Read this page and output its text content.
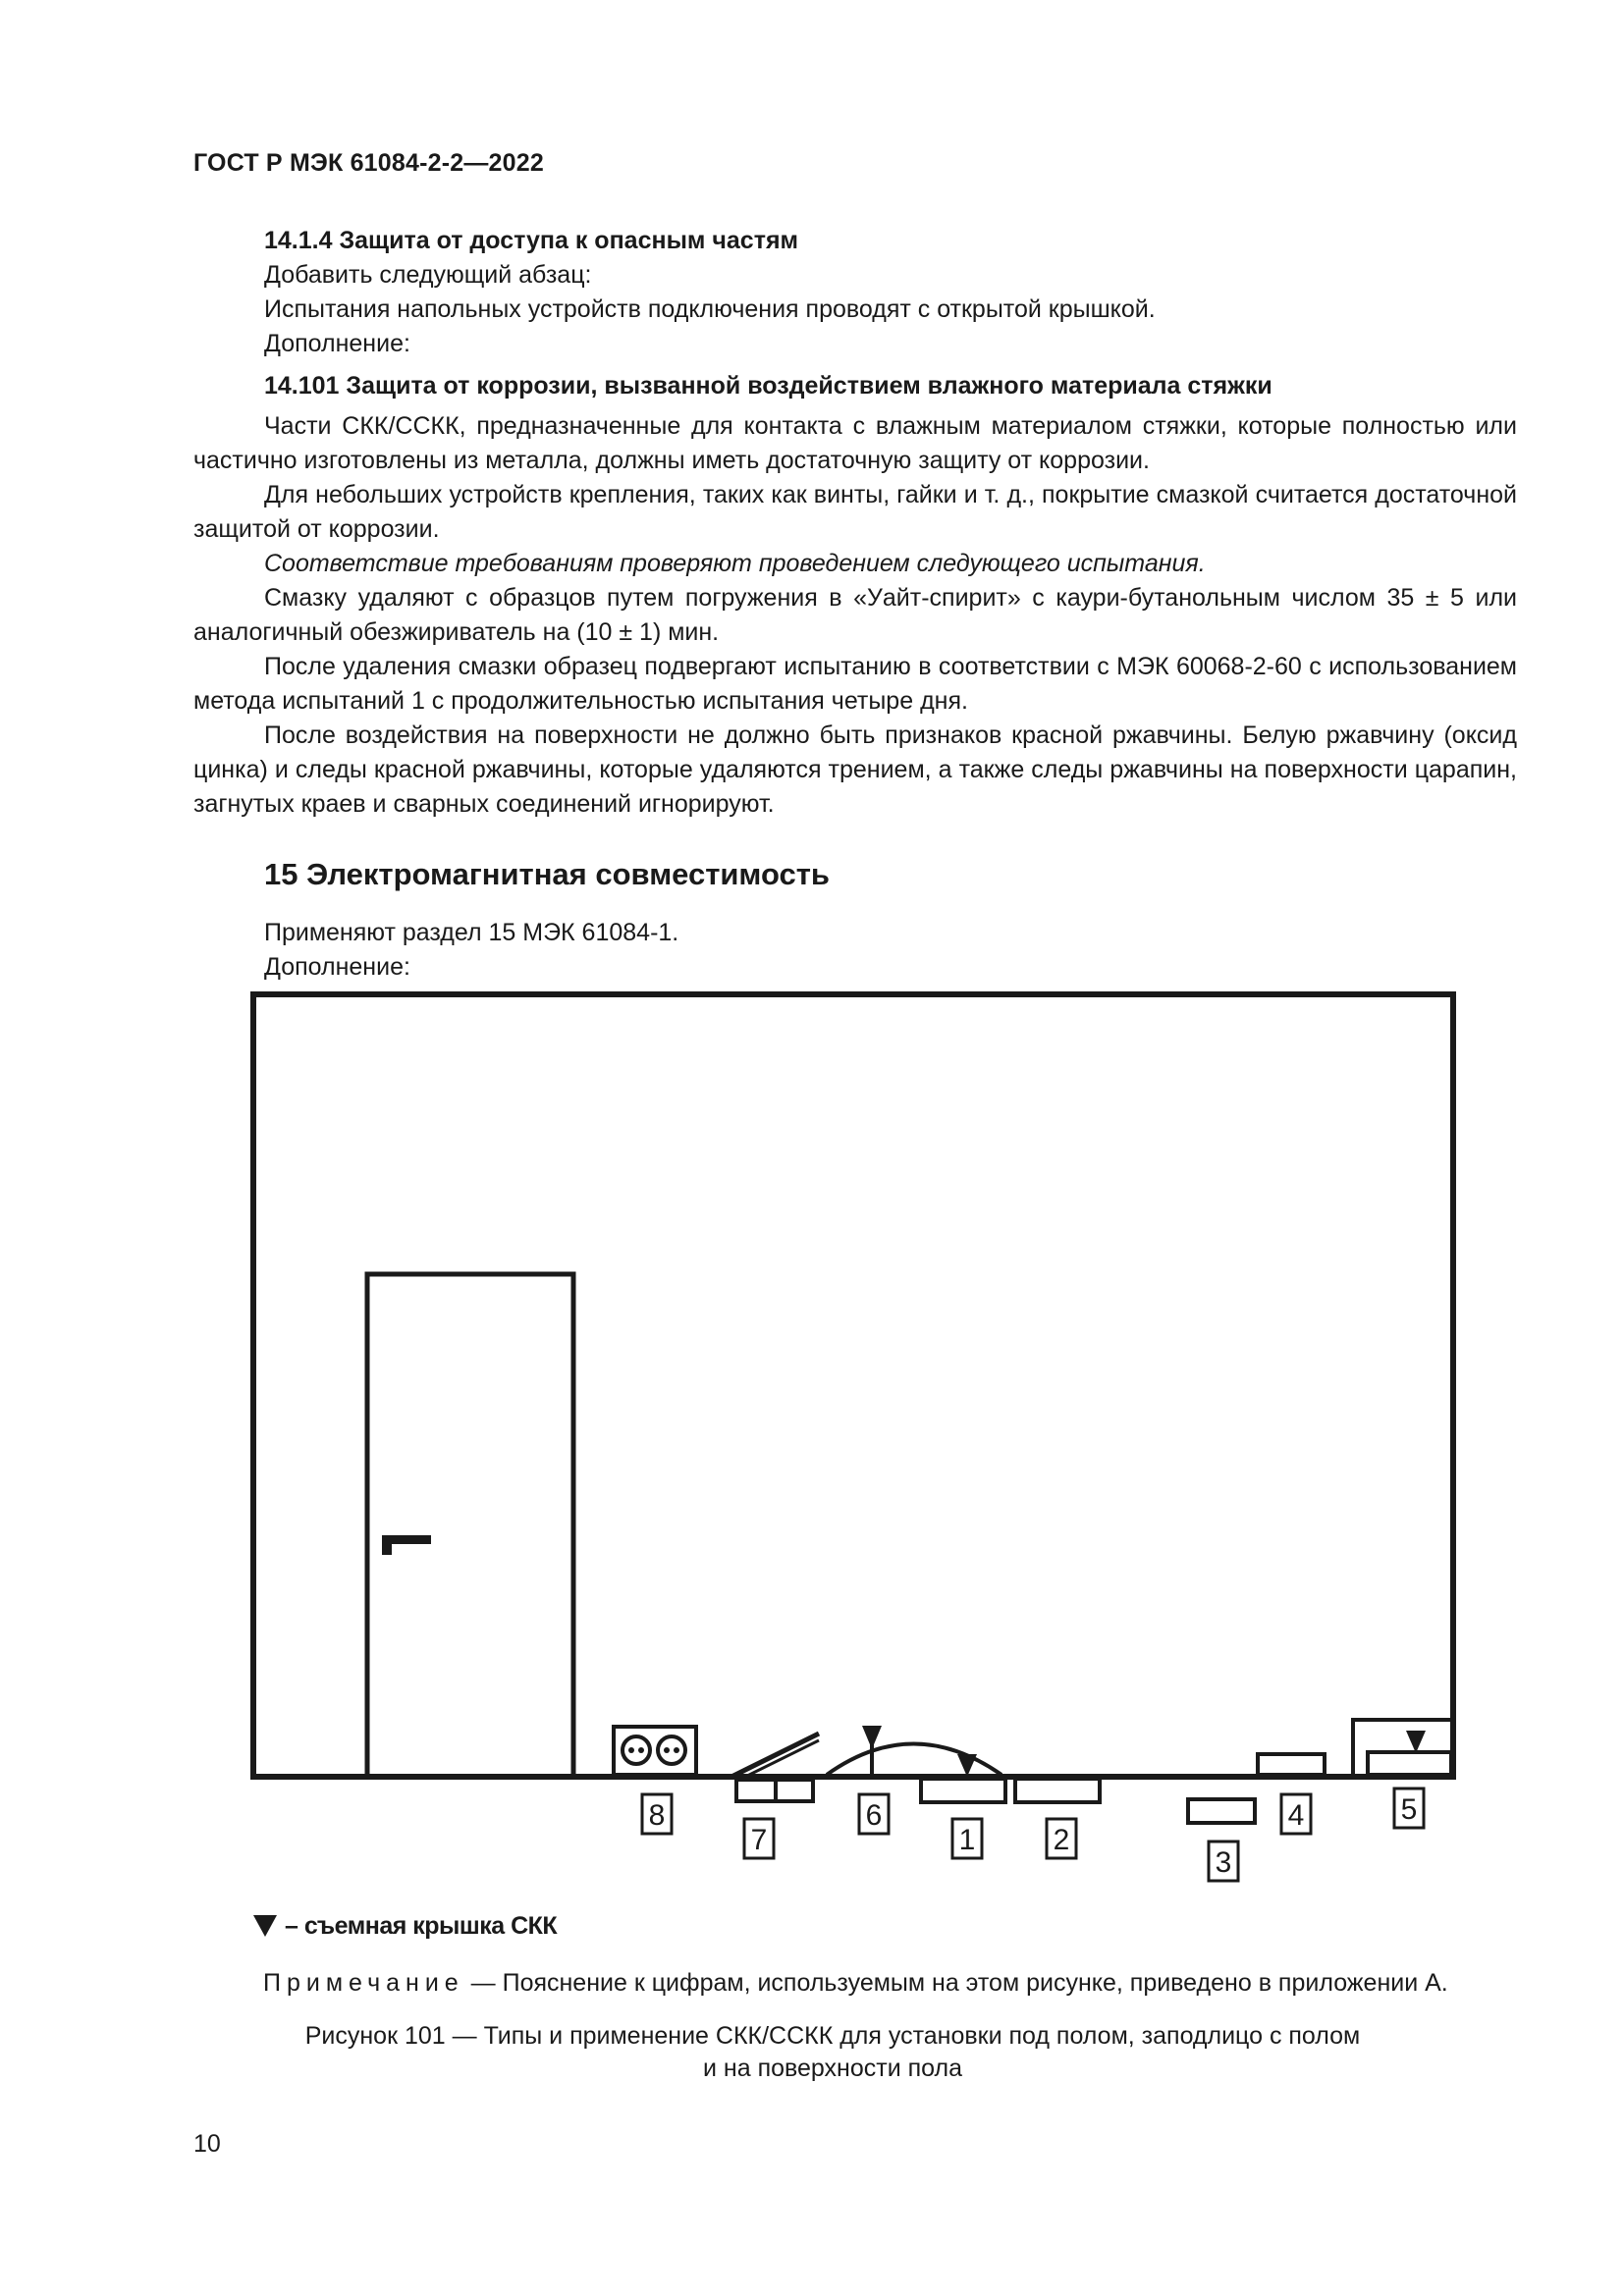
ГОСТ Р МЭК 61084-2-2—2022
14.1.4 Защита от доступа к опасным частям

Добавить следующий абзац:

Испытания напольных устройств подключения проводят с открытой крышкой.

Дополнение:

14.101 Защита от коррозии, вызванной воздействием влажного материала стяжки

Части СКК/ССКК, предназначенные для контакта с влажным материалом стяжки, которые полностью или частично изготовлены из металла, должны иметь достаточную защиту от коррозии.

Для небольших устройств крепления, таких как винты, гайки и т. д., покрытие смазкой считается достаточной защитой от коррозии.

Соответствие требованиям проверяют проведением следующего испытания.

Смазку удаляют с образцов путем погружения в «Уайт-спирит» с каури-бутанольным числом 35 ± 5 или аналогичный обезжириватель на (10 ± 1) мин.

После удаления смазки образец подвергают испытанию в соответствии с МЭК 60068-2-60 с использованием метода испытаний 1 с продолжительностью испытания четыре дня.

После воздействия на поверхности не должно быть признаков красной ржавчины. Белую ржавчину (оксид цинка) и следы красной ржавчины, которые удаляются трением, а также следы ржавчины на поверхности царапин, загнутых краев и сварных соединений игнорируют.

15 Электромагнитная совместимость

Применяют раздел 15 МЭК 61084-1.

Дополнение:

8
7
6
1	2
3
4	5
– съемная крышка СКК
Примечание — Пояснение к цифрам, используемым на этом рисунке, приведено в приложении А.
Рисунок 101 — Типы и применение СКК/ССКК для установки под полом, заподлицо с полом
и на поверхности пола
10
